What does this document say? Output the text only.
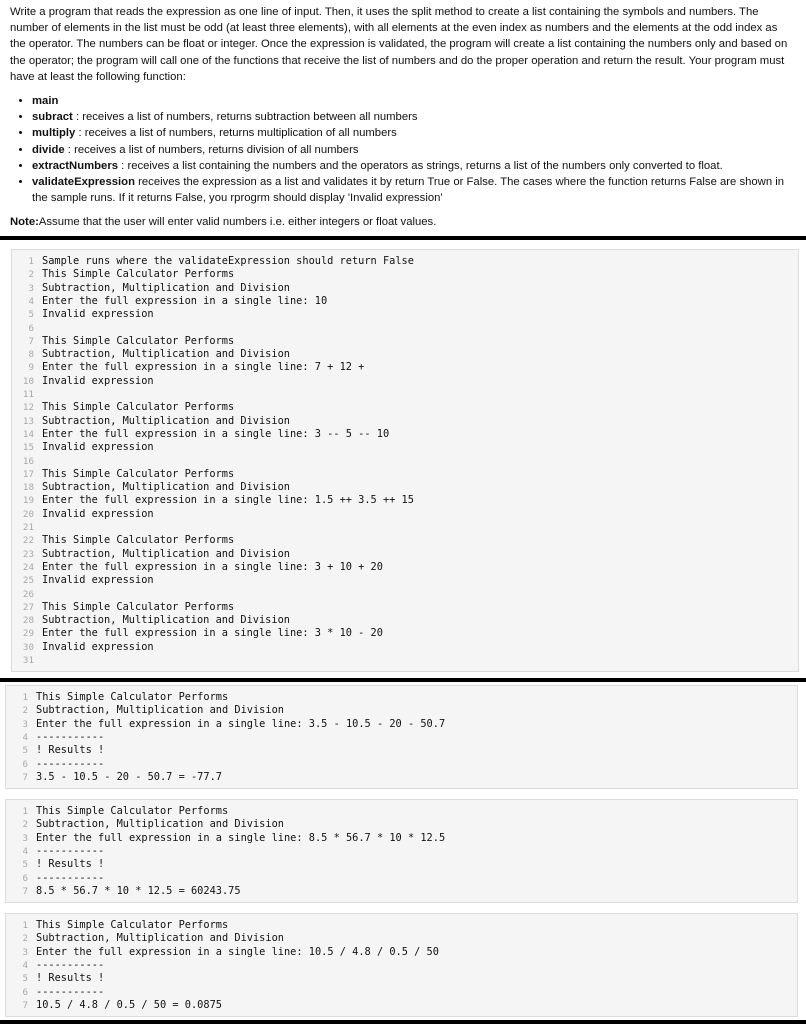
Write a program that reads the expression as one line of input. Then, it uses the split method to create a list containing the symbols and numbers. The number of elements in the list must be odd (at least three elements), with all elements at the even index as numbers and the elements at the odd index as the operator. The numbers can be float or integer. Once the expression is validated, the program will create a list containing the numbers only and based on the operator; the program will call one of the functions that receive the list of numbers and do the proper operation and return the result. Your program must have at least the following function:

• main
• subract : receives a list of numbers, returns subtraction between all numbers
• multiply : receives a list of numbers, returns multiplication of all numbers
• divide : receives a list of numbers, returns division of all numbers
• extractNumbers : receives a list containing the numbers and the operators as strings, returns a list of the numbers only converted to float.
• validateExpression receives the expression as a list and validates it by return True or False. The cases where the function returns False are shown in the sample runs. If it returns False, you rprogrm should display 'Invalid expression'

Note:Assume that the user will enter valid numbers i.e. either integers or float values.

1 Sample runs where the validateExpression should return False
2 This Simple Calculator Performs
3 Subtraction, Multiplication and Division
4 Enter the full expression in a single line: 10
5 Invalid expression
6
7 This Simple Calculator Performs
8 Subtraction, Multiplication and Division
9 Enter the full expression in a single line: 7 + 12 +
10 Invalid expression
11
12 This Simple Calculator Performs
13 Subtraction, Multiplication and Division
14 Enter the full expression in a single line: 3 -- 5 -- 10
15 Invalid expression
16
17 This Simple Calculator Performs
18 Subtraction, Multiplication and Division
19 Enter the full expression in a single line: 1.5 ++ 3.5 ++ 15
20 Invalid expression
21
22 This Simple Calculator Performs
23 Subtraction, Multiplication and Division
24 Enter the full expression in a single line: 3 + 10 + 20
25 Invalid expression
26
27 This Simple Calculator Performs
28 Subtraction, Multiplication and Division
29 Enter the full expression in a single line: 3 * 10 - 20
30 Invalid expression
31
1 This Simple Calculator Performs
2 Subtraction, Multiplication and Division
3 Enter the full expression in a single line: 3.5 - 10.5 - 20 - 50.7
4 -----------
5 ! Results !
6 -----------
7 3.5 - 10.5 - 20 - 50.7 = -77.7
1 This Simple Calculator Performs
2 Subtraction, Multiplication and Division
3 Enter the full expression in a single line: 8.5 * 56.7 * 10 * 12.5
4 -----------
5 ! Results !
6 -----------
7 8.5 * 56.7 * 10 * 12.5 = 60243.75
1 This Simple Calculator Performs
2 Subtraction, Multiplication and Division
3 Enter the full expression in a single line: 10.5 / 4.8 / 0.5 / 50
4 -----------
5 ! Results !
6 -----------
7 10.5 / 4.8 / 0.5 / 50 = 0.0875
